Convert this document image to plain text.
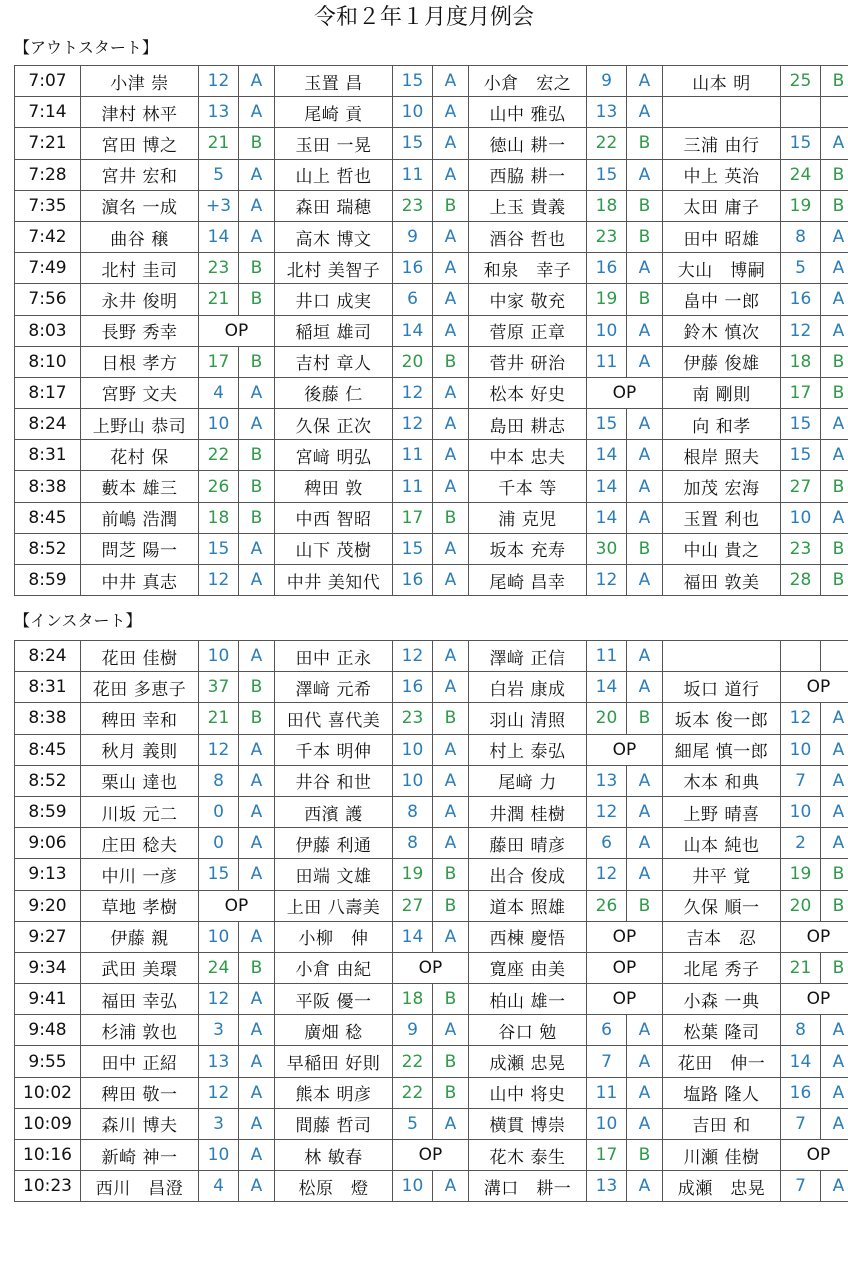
令和２年１月度月例会
【アウトスタート】
7:07	小津 崇	12	A	玉置 昌	15	A	小倉　宏之	9	A	山本 明	25	B
7:14	津村 林平	13	A	尾崎 貢	10	A	山中 雅弘	13	A			
7:21	宮田 博之	21	B	玉田 一晃	15	A	徳山 耕一	22	B	三浦 由行	15	A
7:28	宮井 宏和	5	A	山上 哲也	11	A	西脇 耕一	15	A	中上 英治	24	B
7:35	濵名 一成	+3	A	森田 瑞穂	23	B	上玉 貴義	18	B	太田 庸子	19	B
7:42	曲谷 穣	14	A	高木 博文	9	A	酒谷 哲也	23	B	田中 昭雄	8	A
7:49	北村 圭司	23	B	北村 美智子	16	A	和泉　幸子	16	A	大山　博嗣	5	A
7:56	永井 俊明	21	B	井口 成実	6	A	中家 敬充	19	B	畠中 一郎	16	A
8:03	長野 秀幸	OP		稲垣 雄司	14	A	菅原 正章	10	A	鈴木 慎次	12	A
8:10	日根 孝方	17	B	吉村 章人	20	B	菅井 研治	11	A	伊藤 俊雄	18	B
8:17	宮野 文夫	4	A	後藤 仁	12	A	松本 好史	OP		南 剛則	17	B
8:24	上野山 恭司	10	A	久保 正次	12	A	島田 耕志	15	A	向 和孝	15	A
8:31	花村 保	22	B	宮﨑 明弘	11	A	中本 忠夫	14	A	根岸 照夫	15	A
8:38	藪本 雄三	26	B	稗田 敦	11	A	千本 等	14	A	加茂 宏海	27	B
8:45	前嶋 浩潤	18	B	中西 智昭	17	B	浦 克児	14	A	玉置 利也	10	A
8:52	問芝 陽一	15	A	山下 茂樹	15	A	坂本 充寿	30	B	中山 貴之	23	B
8:59	中井 真志	12	A	中井 美知代	16	A	尾崎 昌幸	12	A	福田 敦美	28	B
【インスタート】
8:24	花田 佳樹	10	A	田中 正永	12	A	澤﨑 正信	11	A			
8:31	花田 多恵子	37	B	澤﨑 元希	16	A	白岩 康成	14	A	坂口 道行	OP	
8:38	稗田 幸和	21	B	田代 喜代美	23	B	羽山 清照	20	B	坂本 俊一郎	12	A
8:45	秋月 義則	12	A	千本 明伸	10	A	村上 泰弘	OP		細尾 慎一郎	10	A
8:52	栗山 達也	8	A	井谷 和世	10	A	尾﨑 力	13	A	木本 和典	7	A
8:59	川坂 元二	0	A	西濱 護	8	A	井潤 桂樹	12	A	上野 晴喜	10	A
9:06	庄田 稔夫	0	A	伊藤 利通	8	A	藤田 晴彦	6	A	山本 純也	2	A
9:13	中川 一彦	15	A	田端 文雄	19	B	出合 俊成	12	A	井平 覚	19	B
9:20	草地 孝樹	OP		上田 八壽美	27	B	道本 照雄	26	B	久保 順一	20	B
9:27	伊藤 親	10	A	小柳　伸	14	A	西棟 慶悟	OP		吉本　忍	OP	
9:34	武田 美環	24	B	小倉 由紀	OP		寛座 由美	OP		北尾 秀子	21	B
9:41	福田 幸弘	12	A	平阪 優一	18	B	柏山 雄一	OP		小森 一典	OP	
9:48	杉浦 敦也	3	A	廣畑 稔	9	A	谷口 勉	6	A	松葉 隆司	8	A
9:55	田中 正紹	13	A	早稲田 好則	22	B	成瀬 忠晃	7	A	花田　伸一	14	A
10:02	稗田 敬一	12	A	熊本 明彦	22	B	山中 将史	11	A	塩路 隆人	16	A
10:09	森川 博夫	3	A	間藤 哲司	5	A	横貫 博崇	10	A	吉田 和	7	A
10:16	新崎 神一	10	A	林 敏春	OP		花木 泰生	17	B	川瀬 佳樹	OP	
10:23	西川　昌澄	4	A	松原　燈	10	A	溝口　耕一	13	A	成瀬　忠晃	7	A
